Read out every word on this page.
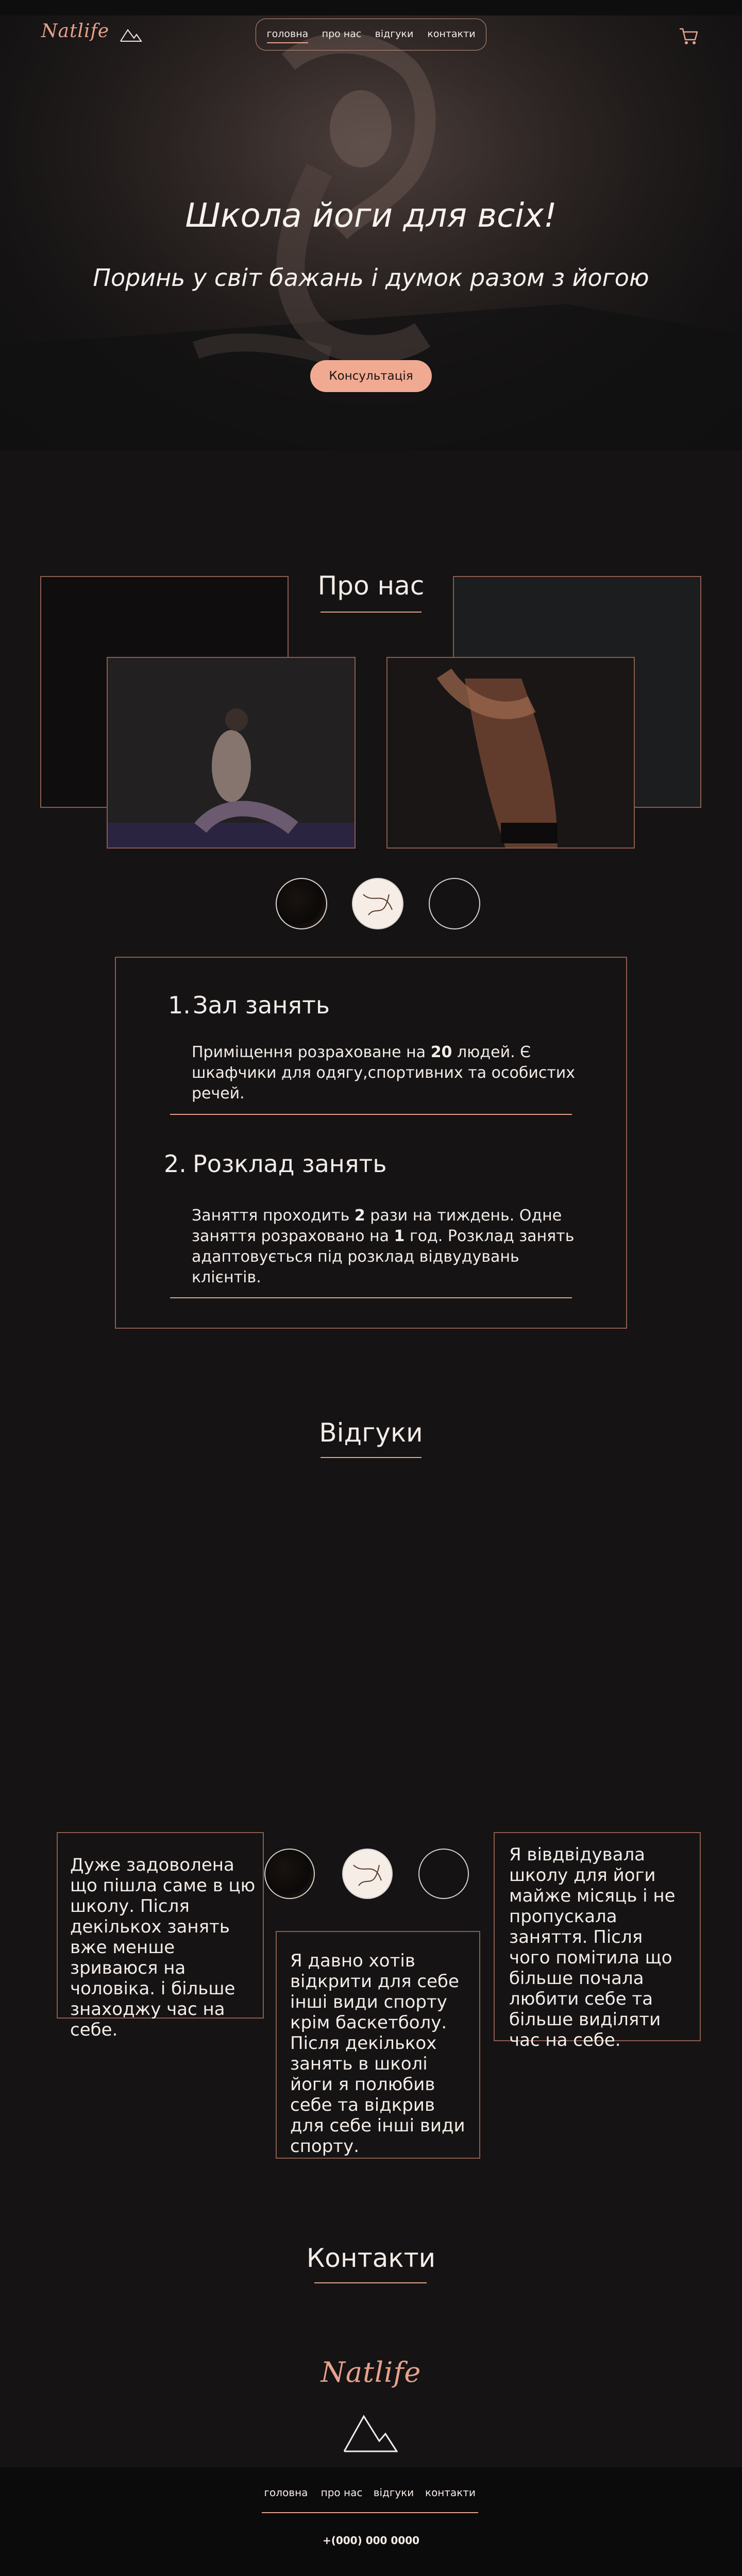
Natlife	головна	про нас	відгуки контакти
Школа йоги для всіх!
Поринь у світ бажань і думок разом з йогою
Консультація
Про нас
1. Зал занять
Приміщення розраховане на 20 людей. Є шкафчики для одягу,спортивних та особистих речей.
2. Розклад занять
Заняття проходить 2 рази на тиждень. Одне заняття розраховано на 1 год. Розклад занять адаптовується під розклад відвудувань клієнтів.
Відгуки
Дуже задоволена що пішла саме в цю школу. Після декількох занять вже менше зриваюся на чоловіка. і більше знаходжу час на себе.
Я давно хотів відкрити для себе інші види спорту крім баскетболу. Після декількох занять в школі йоги я полюбив себе та відкрив для себе інші види спорту.
Я вівдвідувала школу для йоги майже місяць і не пропускала заняття. Після чого помітила що більше почала любити себе та більше виділяти час на себе.
Контакти
Natlife
головна	про нас	відгуки	контакти
+(000) 000 0000
